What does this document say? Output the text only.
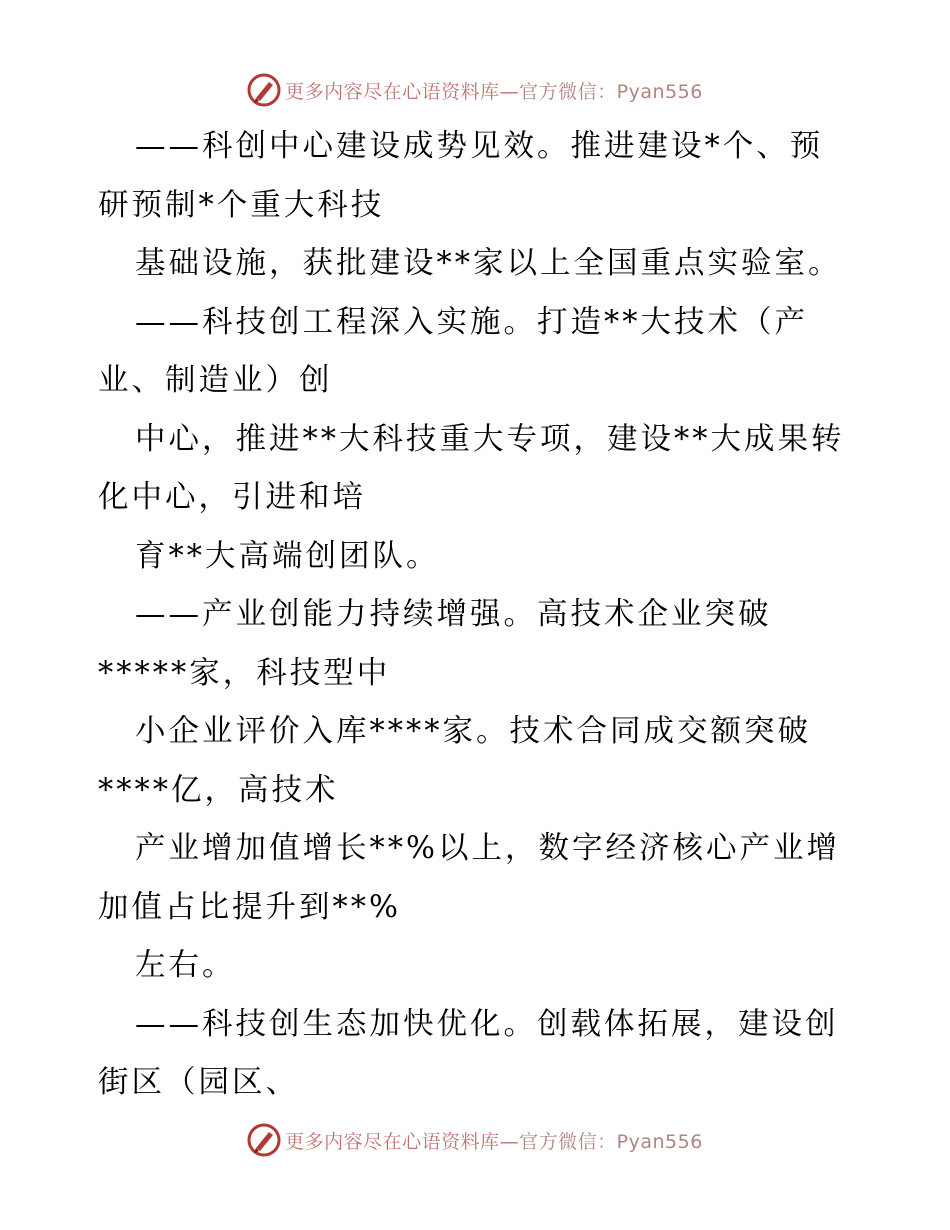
更多内容尽在心语资料库—官方微信：Pyan556
——科创中心建设成势见效。推进建设*个、预
研预制*个重大科技
基础设施，获批建设**家以上全国重点实验室。
——科技创工程深入实施。打造**大技术（产
业、制造业）创
中心，推进**大科技重大专项，建设**大成果转
化中心，引进和培
育**大高端创团队。
——产业创能力持续增强。高技术企业突破
*****家，科技型中
小企业评价入库****家。技术合同成交额突破
****亿，高技术
产业增加值增长**%以上，数字经济核心产业增
加值占比提升到**%
左右。
——科技创生态加快优化。创载体拓展，建设创
街区（园区、
更多内容尽在心语资料库—官方微信：Pyan556
